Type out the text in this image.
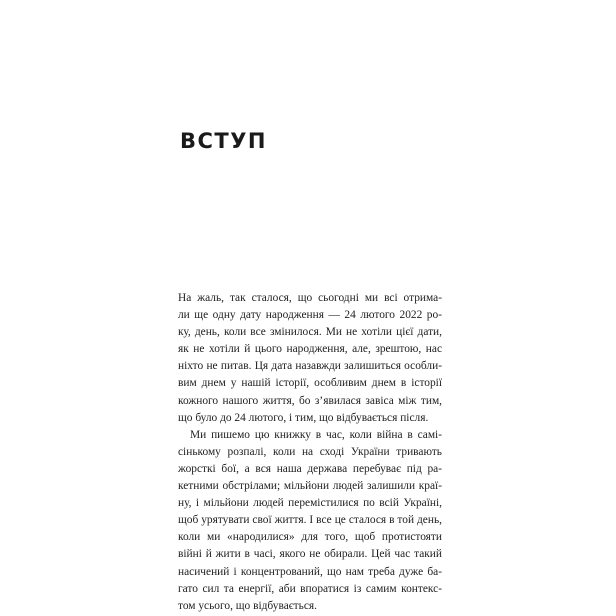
ВСТУП
На жаль, так сталося, що сьогодні ми всі отрима-
ли ще одну дату народження — 24 лютого 2022 ро-
ку, день, коли все змінилося. Ми не хотіли цієї дати,
як не хотіли й цього народження, але, зрештою, нас
ніхто не питав. Ця дата назавжди залишиться особли-
вим днем у нашій історії, особливим днем в історії
кожного нашого життя, бо з’явилася завіса між тим,
що було до 24 лютого, і тим, що відбувається після.
Ми пишемо цю книжку в час, коли війна в самі-
сінькому розпалі, коли на сході України тривають
жорсткі бої, а вся наша держава перебуває під ра-
кетними обстрілами; мільйони людей залишили краї-
ну, і мільйони людей перемістилися по всій Україні,
щоб урятувати свої життя. І все це сталося в той день,
коли ми «народилися» для того, щоб протистояти
війні й жити в часі, якого не обирали. Цей час такий
насичений і концентрований, що нам треба дуже ба-
гато сил та енергії, аби впоратися із самим контекс-
том усього, що відбувається.
